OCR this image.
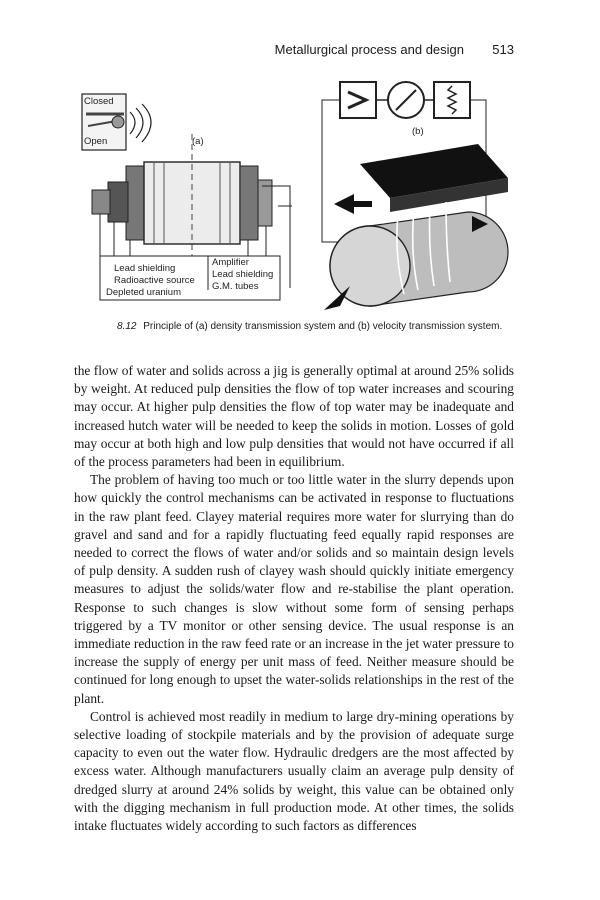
Metallurgical process and design 513
Closed
Open	(a)
Lead shielding
Radioactive source
Depleted uranium
Amplifier
Lead shielding
G.M. tubes
(b)
8.12 Principle of (a) density transmission system and (b) velocity transmission system.

the flow of water and solids across a jig is generally optimal at around 25% solids by weight. At reduced pulp densities the flow of top water increases and scouring may occur. At higher pulp densities the flow of top water may be inadequate and increased hutch water will be needed to keep the solids in motion. Losses of gold may occur at both high and low pulp densities that would not have occurred if all of the process parameters had been in equilibrium.

The problem of having too much or too little water in the slurry depends upon how quickly the control mechanisms can be activated in response to fluctuations in the raw plant feed. Clayey material requires more water for slurrying than do gravel and sand and for a rapidly fluctuating feed equally rapid responses are needed to correct the flows of water and/or solids and so maintain design levels of pulp density. A sudden rush of clayey wash should quickly initiate emergency measures to adjust the solids/water flow and re-stabilise the plant operation. Response to such changes is slow without some form of sensing perhaps triggered by a TV monitor or other sensing device. The usual response is an immediate reduction in the raw feed rate or an increase in the jet water pressure to increase the supply of energy per unit mass of feed. Neither measure should be continued for long enough to upset the water-solids relationships in the rest of the plant.

Control is achieved most readily in medium to large dry-mining operations by selective loading of stockpile materials and by the provision of adequate surge capacity to even out the water flow. Hydraulic dredgers are the most affected by excess water. Although manufacturers usually claim an average pulp density of dredged slurry at around 24% solids by weight, this value can be obtained only with the digging mechanism in full production mode. At other times, the solids intake fluctuates widely according to such factors as differences
